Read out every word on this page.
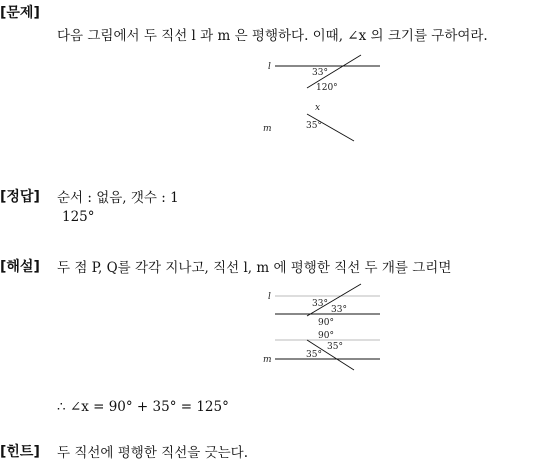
[문제]
다음 그림에서 두 직선 l 과 m 은 평행하다. 이때, ∠x 의 크기를 구하여라.
l
33°
120°
x
35°
m
[정답] 순서 : 없음, 갯수 : 1
125°
[해설] 두 점 P, Q를 각각 지나고, 직선 l, m 에 평행한 직선 두 개를 그리면
l
33°
33°
90°
90°
35°
35°
m
∴ ∠x = 90° + 35° = 125°
[힌트] 두 직선에 평행한 직선을 긋는다.
